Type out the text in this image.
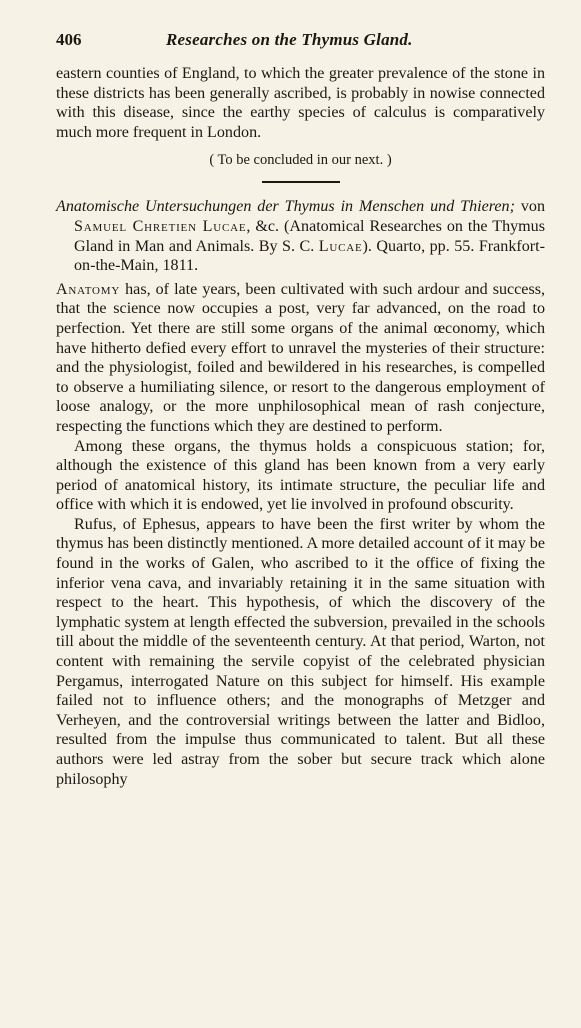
406	Researches on the Thymus Gland.

eastern counties of England, to which the greater prevalence of the stone in these districts has been generally ascribed, is probably in nowise connected with this disease, since the earthy species of calculus is comparatively much more frequent in London.

( To be concluded in our next. )

Anatomische Untersuchungen der Thymus in Menschen und Thieren; von Samuel Chretien Lucae, &c. (Anatomical Researches on the Thymus Gland in Man and Animals. By S. C. Lucae). Quarto, pp. 55. Frankfort-on-the-Main, 1811.

Anatomy has, of late years, been cultivated with such ardour and success, that the science now occupies a post, very far advanced, on the road to perfection. Yet there are still some organs of the animal œconomy, which have hitherto defied every effort to unravel the mysteries of their structure: and the physiologist, foiled and bewildered in his researches, is compelled to observe a humiliating silence, or resort to the dangerous employment of loose analogy, or the more unphilosophical mean of rash conjecture, respecting the functions which they are destined to perform.

Among these organs, the thymus holds a conspicuous station; for, although the existence of this gland has been known from a very early period of anatomical history, its intimate structure, the peculiar life and office with which it is endowed, yet lie involved in profound obscurity.

Rufus, of Ephesus, appears to have been the first writer by whom the thymus has been distinctly mentioned. A more detailed account of it may be found in the works of Galen, who ascribed to it the office of fixing the inferior vena cava, and invariably retaining it in the same situation with respect to the heart. This hypothesis, of which the discovery of the lymphatic system at length effected the subversion, prevailed in the schools till about the middle of the seventeenth century. At that period, Warton, not content with remaining the servile copyist of the celebrated physician Pergamus, interrogated Nature on this subject for himself. His example failed not to influence others; and the monographs of Metzger and Verheyen, and the controversial writings between the latter and Bidloo, resulted from the impulse thus communicated to talent. But all these authors were led astray from the sober but secure track which alone philosophy
